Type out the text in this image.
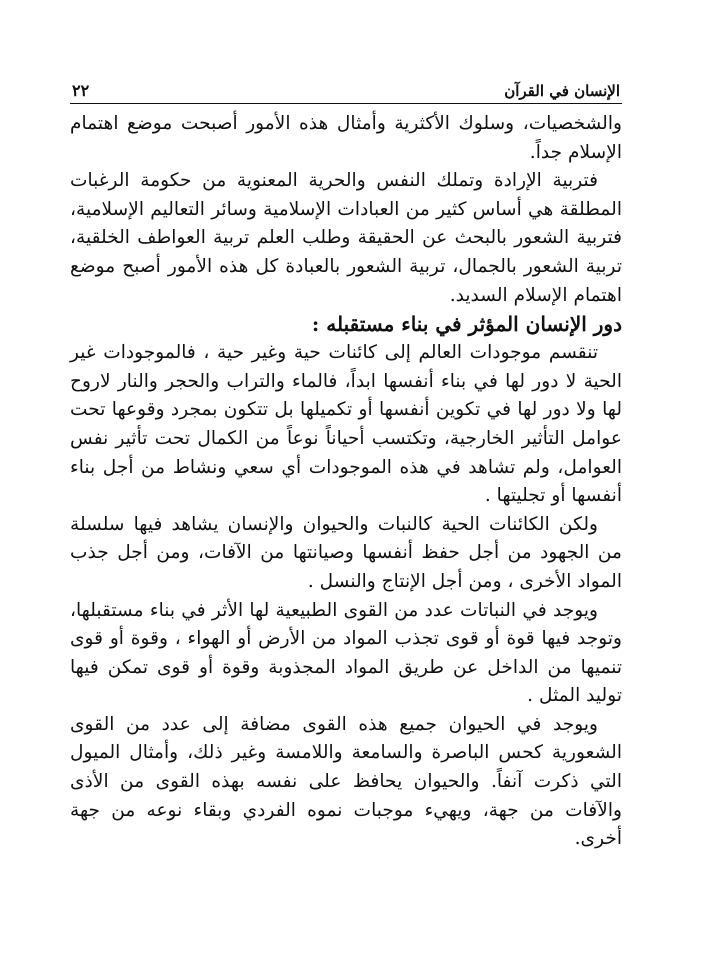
الإنسان في القرآن
٢٢

والشخصيات، وسلوك الأكثرية وأمثال هذه الأمور أصبحت موضع اهتمام الإسلام جداً.

فتربية الإرادة وتملك النفس والحرية المعنوية من حكومة الرغبات المطلقة هي أساس كثير من العبادات الإسلامية وسائر التعاليم الإسلامية، فتربية الشعور بالبحث عن الحقيقة وطلب العلم تربية العواطف الخلقية، تربية الشعور بالجمال، تربية الشعور بالعبادة كل هذه الأمور أصبح موضع اهتمام الإسلام السديد.

دور الإنسان المؤثر في بناء مستقبله :

تنقسم موجودات العالم إلى كائنات حية وغير حية ، فالموجودات غير الحية لا دور لها في بناء أنفسها ابداً، فالماء والتراب والحجر والنار لاروح لها ولا دور لها في تكوين أنفسها أو تكميلها بل تتكون بمجرد وقوعها تحت عوامل التأثير الخارجية، وتكتسب أحياناً نوعاً من الكمال تحت تأثير نفس العوامل، ولم تشاهد في هذه الموجودات أي سعي ونشاط من أجل بناء أنفسها أو تجليتها .

ولكن الكائنات الحية كالنبات والحيوان والإنسان يشاهد فيها سلسلة من الجهود من أجل حفظ أنفسها وصيانتها من الآفات، ومن أجل جذب المواد الأخرى ، ومن أجل الإنتاج والنسل .

ويوجد في النباتات عدد من القوى الطبيعية لها الأثر في بناء مستقبلها، وتوجد فيها قوة أو قوى تجذب المواد من الأرض أو الهواء ، وقوة أو قوى تنميها من الداخل عن طريق المواد المجذوبة وقوة أو قوى تمكن فيها توليد المثل .

ويوجد في الحيوان جميع هذه القوى مضافة إلى عدد من القوى الشعورية كحس الباصرة والسامعة واللامسة وغير ذلك، وأمثال الميول التي ذكرت آنفاً. والحيوان يحافظ على نفسه بهذه القوى من الأذى والآفات من جهة، ويهيء موجبات نموه الفردي وبقاء نوعه من جهة أخرى.
